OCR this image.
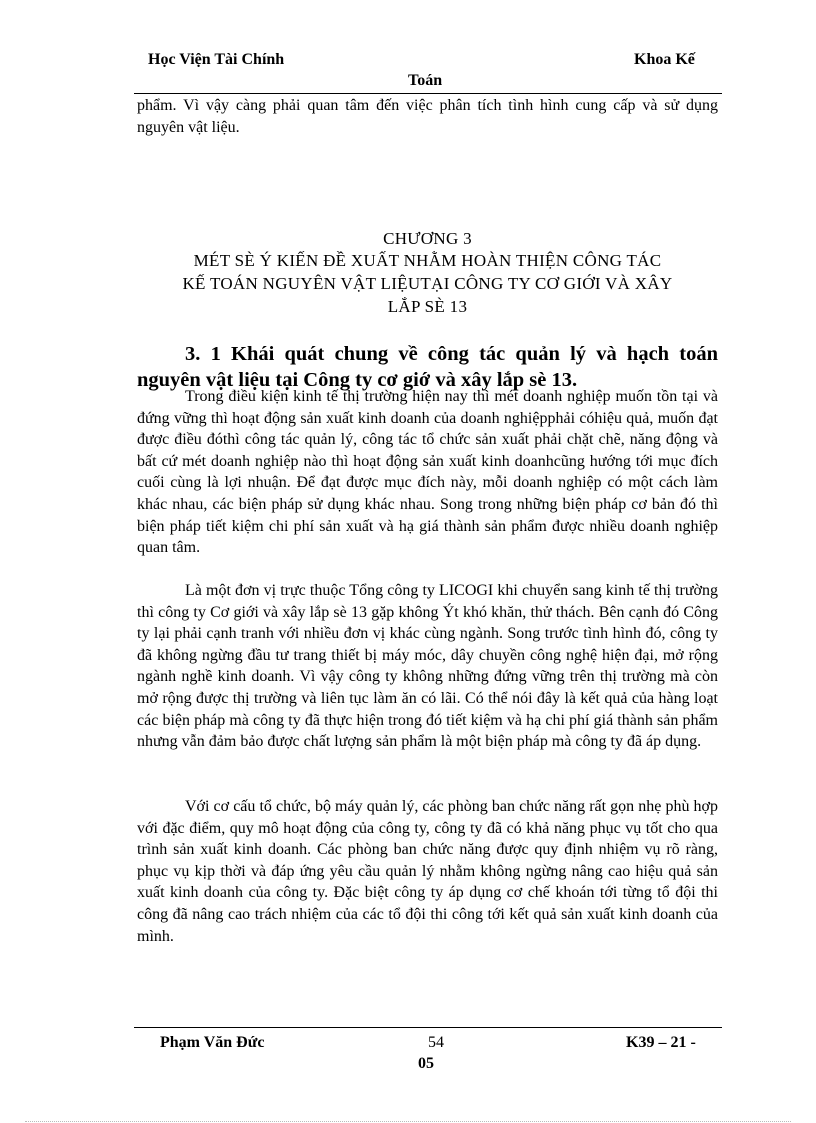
Học Viện Tài Chính	Khoa Kế
Toán
phẩm. Vì vậy càng phải quan tâm đến việc phân tích tình hình cung cấp và sử dụng nguyên vật liệu.
CHƯƠNG 3
MÉT SÈ Ý KIẾN ĐỀ XUẤT NHẰM HOÀN THIỆN CÔNG TÁC
KẾ TOÁN NGUYÊN VẬT LIỆUTẠI CÔNG TY CƠ GIỚI VÀ XÂY
LẮP SÈ 13
3. 1 Khái quát chung về công tác quản lý và hạch toán nguyên vật liệu tại Công ty cơ giớ và xây lắp sè 13.
Trong điều kiện kinh tế thị trường hiện nay thì mét doanh nghiệp muốn tồn tại và đứng vững thì hoạt động sản xuất kinh doanh của doanh nghiệpphải cóhiệu quả, muốn đạt được điều đóthì công tác quản lý, công tác tổ chức sản xuất phải chặt chẽ, năng động và bất cứ mét doanh nghiệp nào thì hoạt động sản xuất kinh doanhcũng hướng tới mục đích cuối cùng là lợi nhuận. Để đạt được mục đích này, mỗi doanh nghiệp có một cách làm khác nhau, các biện pháp sử dụng khác nhau. Song trong những biện pháp cơ bản đó thì biện pháp tiết kiệm chi phí sản xuất và hạ giá thành sản phẩm được nhiều doanh nghiệp quan tâm.
Là một đơn vị trực thuộc Tổng công ty LICOGI khi chuyển sang kinh tế thị trường thì công ty Cơ giới và xây lắp sè 13 gặp không Ýt khó khăn, thử thách. Bên cạnh đó Công ty lại phải cạnh tranh với nhiều đơn vị khác cùng ngành. Song trước tình hình đó, công ty đã không ngừng đầu tư trang thiết bị máy móc, dây chuyền công nghệ hiện đại, mở rộng ngành nghề kinh doanh. Vì vậy công ty không những đứng vững trên thị trường mà còn mở rộng được thị trường và liên tục làm ăn có lãi. Có thể nói đây là kết quả của hàng loạt các biện pháp mà công ty đã thực hiện trong đó tiết kiệm và hạ chi phí giá thành sản phẩm nhưng vẫn đảm bảo được chất lượng sản phẩm là một biện pháp mà công ty đã áp dụng.
Với cơ cấu tổ chức, bộ máy quản lý, các phòng ban chức năng rất gọn nhẹ phù hợp với đặc điểm, quy mô hoạt động của công ty, công ty đã có khả năng phục vụ tốt cho qua trình sản xuất kinh doanh. Các phòng ban chức năng được quy định nhiệm vụ rõ ràng, phục vụ kịp thời và đáp ứng yêu cầu quản lý nhằm không ngừng nâng cao hiệu quả sản xuất kinh doanh của công ty. Đặc biệt công ty áp dụng cơ chế khoán tới từng tổ đội thi công đã nâng cao trách nhiệm của các tổ đội thi công tới kết quả sản xuất kinh doanh của mình.
Phạm Văn Đức	54	K39 – 21 -
05
